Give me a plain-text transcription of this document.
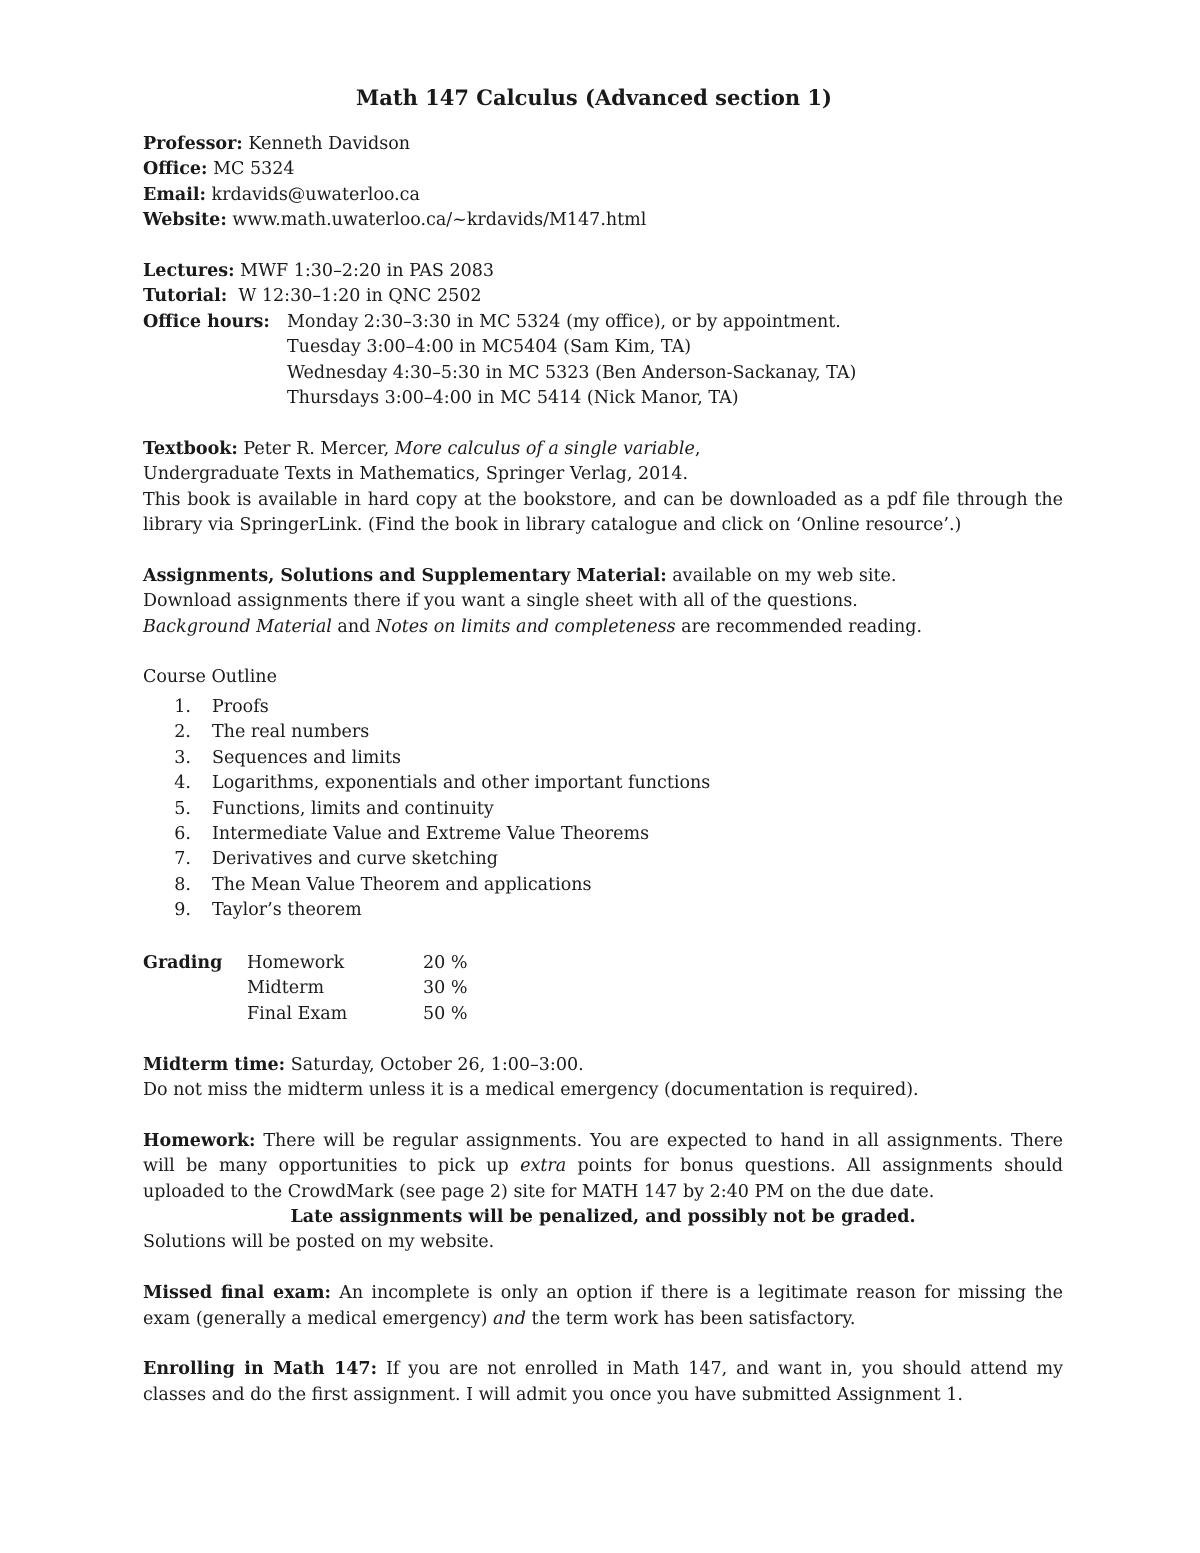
Math 147 Calculus (Advanced section 1)
Professor: Kenneth Davidson
Office: MC 5324
Email: krdavids@uwaterloo.ca
Website: www.math.uwaterloo.ca/~krdavids/M147.html
Lectures: MWF 1:30–2:20 in PAS 2083
Tutorial: W 12:30–1:20 in QNC 2502
Office hours: Monday 2:30–3:30 in MC 5324 (my office), or by appointment.
Tuesday 3:00–4:00 in MC5404 (Sam Kim, TA)
Wednesday 4:30–5:30 in MC 5323 (Ben Anderson-Sackanay, TA)
Thursdays 3:00–4:00 in MC 5414 (Nick Manor, TA)
Textbook: Peter R. Mercer, More calculus of a single variable,
Undergraduate Texts in Mathematics, Springer Verlag, 2014.
This book is available in hard copy at the bookstore, and can be downloaded as a pdf file through the library via SpringerLink. (Find the book in library catalogue and click on ‘Online resource’.)
Assignments, Solutions and Supplementary Material: available on my web site.
Download assignments there if you want a single sheet with all of the questions.
Background Material and Notes on limits and completeness are recommended reading.
Course Outline
1.	Proofs
2.	The real numbers
3.	Sequences and limits
4.	Logarithms, exponentials and other important functions
5.	Functions, limits and continuity
6.	Intermediate Value and Extreme Value Theorems
7.	Derivatives and curve sketching
8.	The Mean Value Theorem and applications
9.	Taylor’s theorem
Grading	Homework	20 %
	Midterm	30 %
	Final Exam	50 %
Midterm time: Saturday, October 26, 1:00–3:00.
Do not miss the midterm unless it is a medical emergency (documentation is required).
Homework: There will be regular assignments. You are expected to hand in all assignments. There will be many opportunities to pick up extra points for bonus questions. All assignments should uploaded to the CrowdMark (see page 2) site for MATH 147 by 2:40 PM on the due date.
Late assignments will be penalized, and possibly not be graded.
Solutions will be posted on my website.
Missed final exam: An incomplete is only an option if there is a legitimate reason for missing the exam (generally a medical emergency) and the term work has been satisfactory.
Enrolling in Math 147: If you are not enrolled in Math 147, and want in, you should attend my classes and do the first assignment. I will admit you once you have submitted Assignment 1.
